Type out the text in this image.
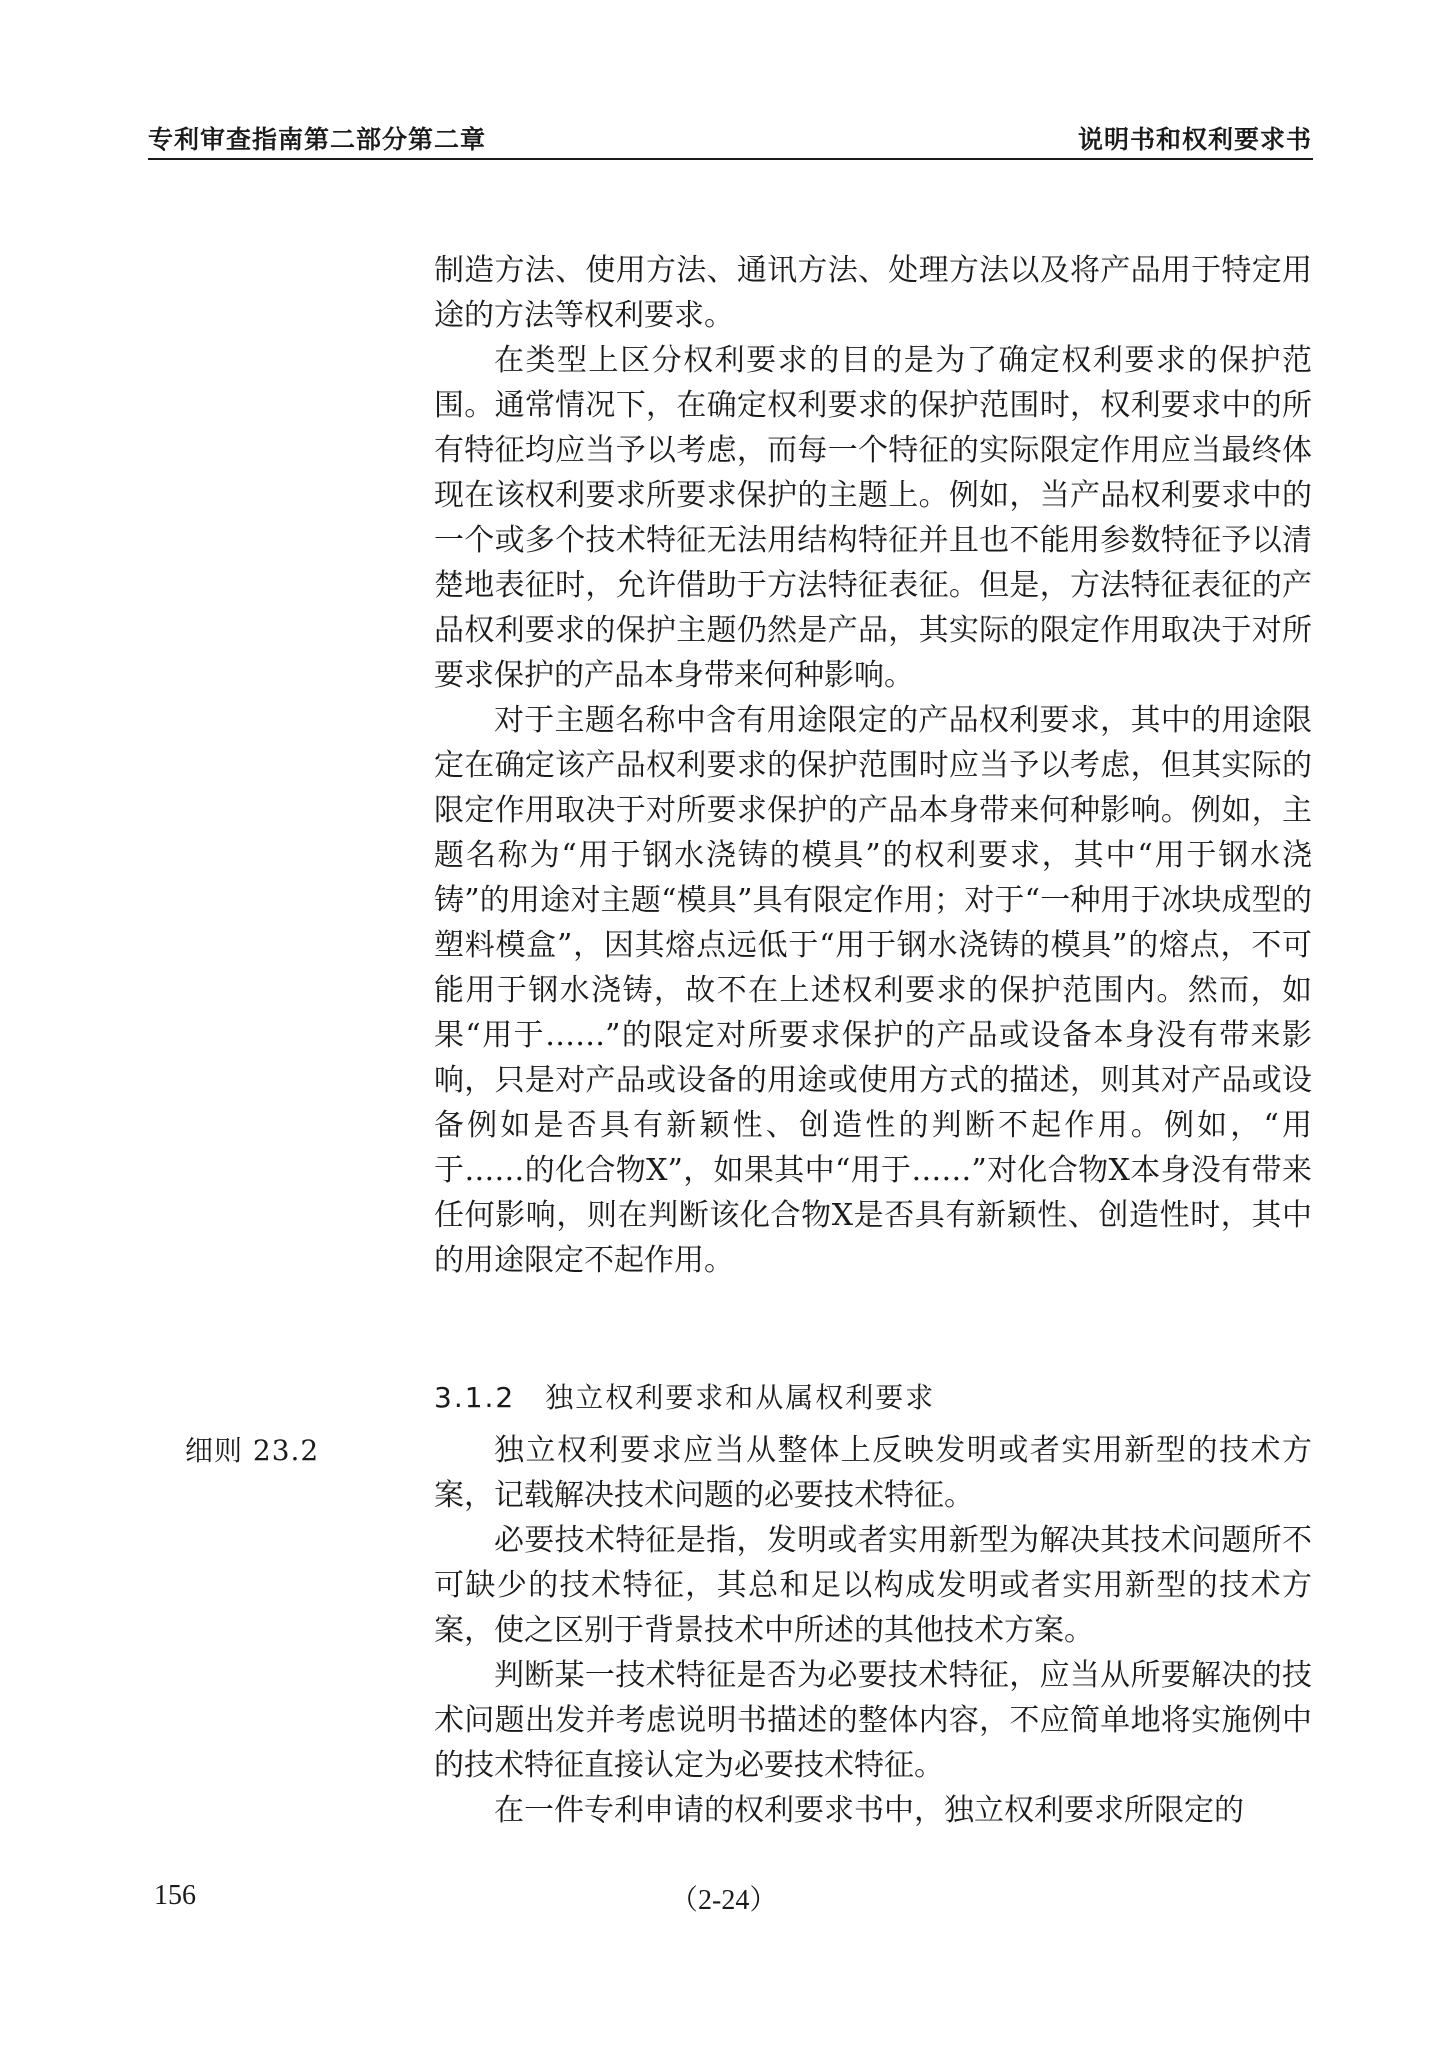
专利审查指南第二部分第二章	说明书和权利要求书

制造方法、使用方法、通讯方法、处理方法以及将产品用于特定用途的方法等权利要求。

在类型上区分权利要求的目的是为了确定权利要求的保护范围。通常情况下，在确定权利要求的保护范围时，权利要求中的所有特征均应当予以考虑，而每一个特征的实际限定作用应当最终体现在该权利要求所要求保护的主题上。例如，当产品权利要求中的一个或多个技术特征无法用结构特征并且也不能用参数特征予以清楚地表征时，允许借助于方法特征表征。但是，方法特征表征的产品权利要求的保护主题仍然是产品，其实际的限定作用取决于对所要求保护的产品本身带来何种影响。

对于主题名称中含有用途限定的产品权利要求，其中的用途限定在确定该产品权利要求的保护范围时应当予以考虑，但其实际的限定作用取决于对所要求保护的产品本身带来何种影响。例如，主题名称为“用于钢水浇铸的模具”的权利要求，其中“用于钢水浇铸”的用途对主题“模具”具有限定作用；对于“一种用于冰块成型的塑料模盒”，因其熔点远低于“用于钢水浇铸的模具”的熔点，不可能用于钢水浇铸，故不在上述权利要求的保护范围内。然而，如果“用于……”的限定对所要求保护的产品或设备本身没有带来影响，只是对产品或设备的用途或使用方式的描述，则其对产品或设备例如是否具有新颖性、创造性的判断不起作用。例如，“用于……的化合物X”，如果其中“用于……”对化合物X本身没有带来任何影响，则在判断该化合物X是否具有新颖性、创造性时，其中的用途限定不起作用。

3.1.2　独立权利要求和从属权利要求
细则 23.2	独立权利要求应当从整体上反映发明或者实用新型的技术方案，记载解决技术问题的必要技术特征。

必要技术特征是指，发明或者实用新型为解决其技术问题所不可缺少的技术特征，其总和足以构成发明或者实用新型的技术方案，使之区别于背景技术中所述的其他技术方案。

判断某一技术特征是否为必要技术特征，应当从所要解决的技术问题出发并考虑说明书描述的整体内容，不应简单地将实施例中的技术特征直接认定为必要技术特征。

在一件专利申请的权利要求书中，独立权利要求所限定的

156	（2-24）
